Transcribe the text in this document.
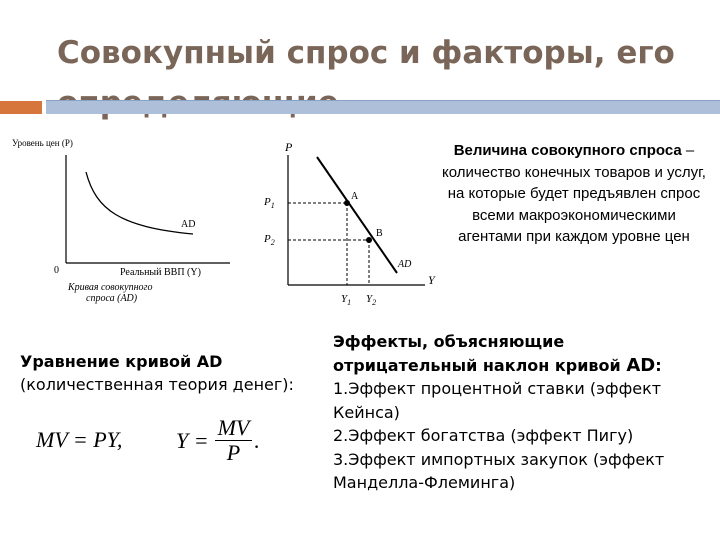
Совокупный спрос и факторы, его
Уровень цен (P)
AD
0	Реальный ВВП (Y)
Кривая совокупного
спроса (AD)
P
Y
A
B
AD
$P_1$
$P_2$
$Y_1$ $Y_2$
Величина совокупного спроса – количество конечных товаров и услуг, на которые будет предъявлен спрос всеми макроэкономическими агентами при каждом уровне цен
Уравнение кривой AD
(количественная теория денег):
MV = PY, $Y = \frac{MV}{P}$ .
Эффекты, объясняющие отрицательный наклон кривой AD:
1.Эффект процентной ставки (эффект Кейнса)
2.Эффект богатства (эффект Пигу)
3.Эффект импортных закупок (эффект Манделла-Флеминга)
